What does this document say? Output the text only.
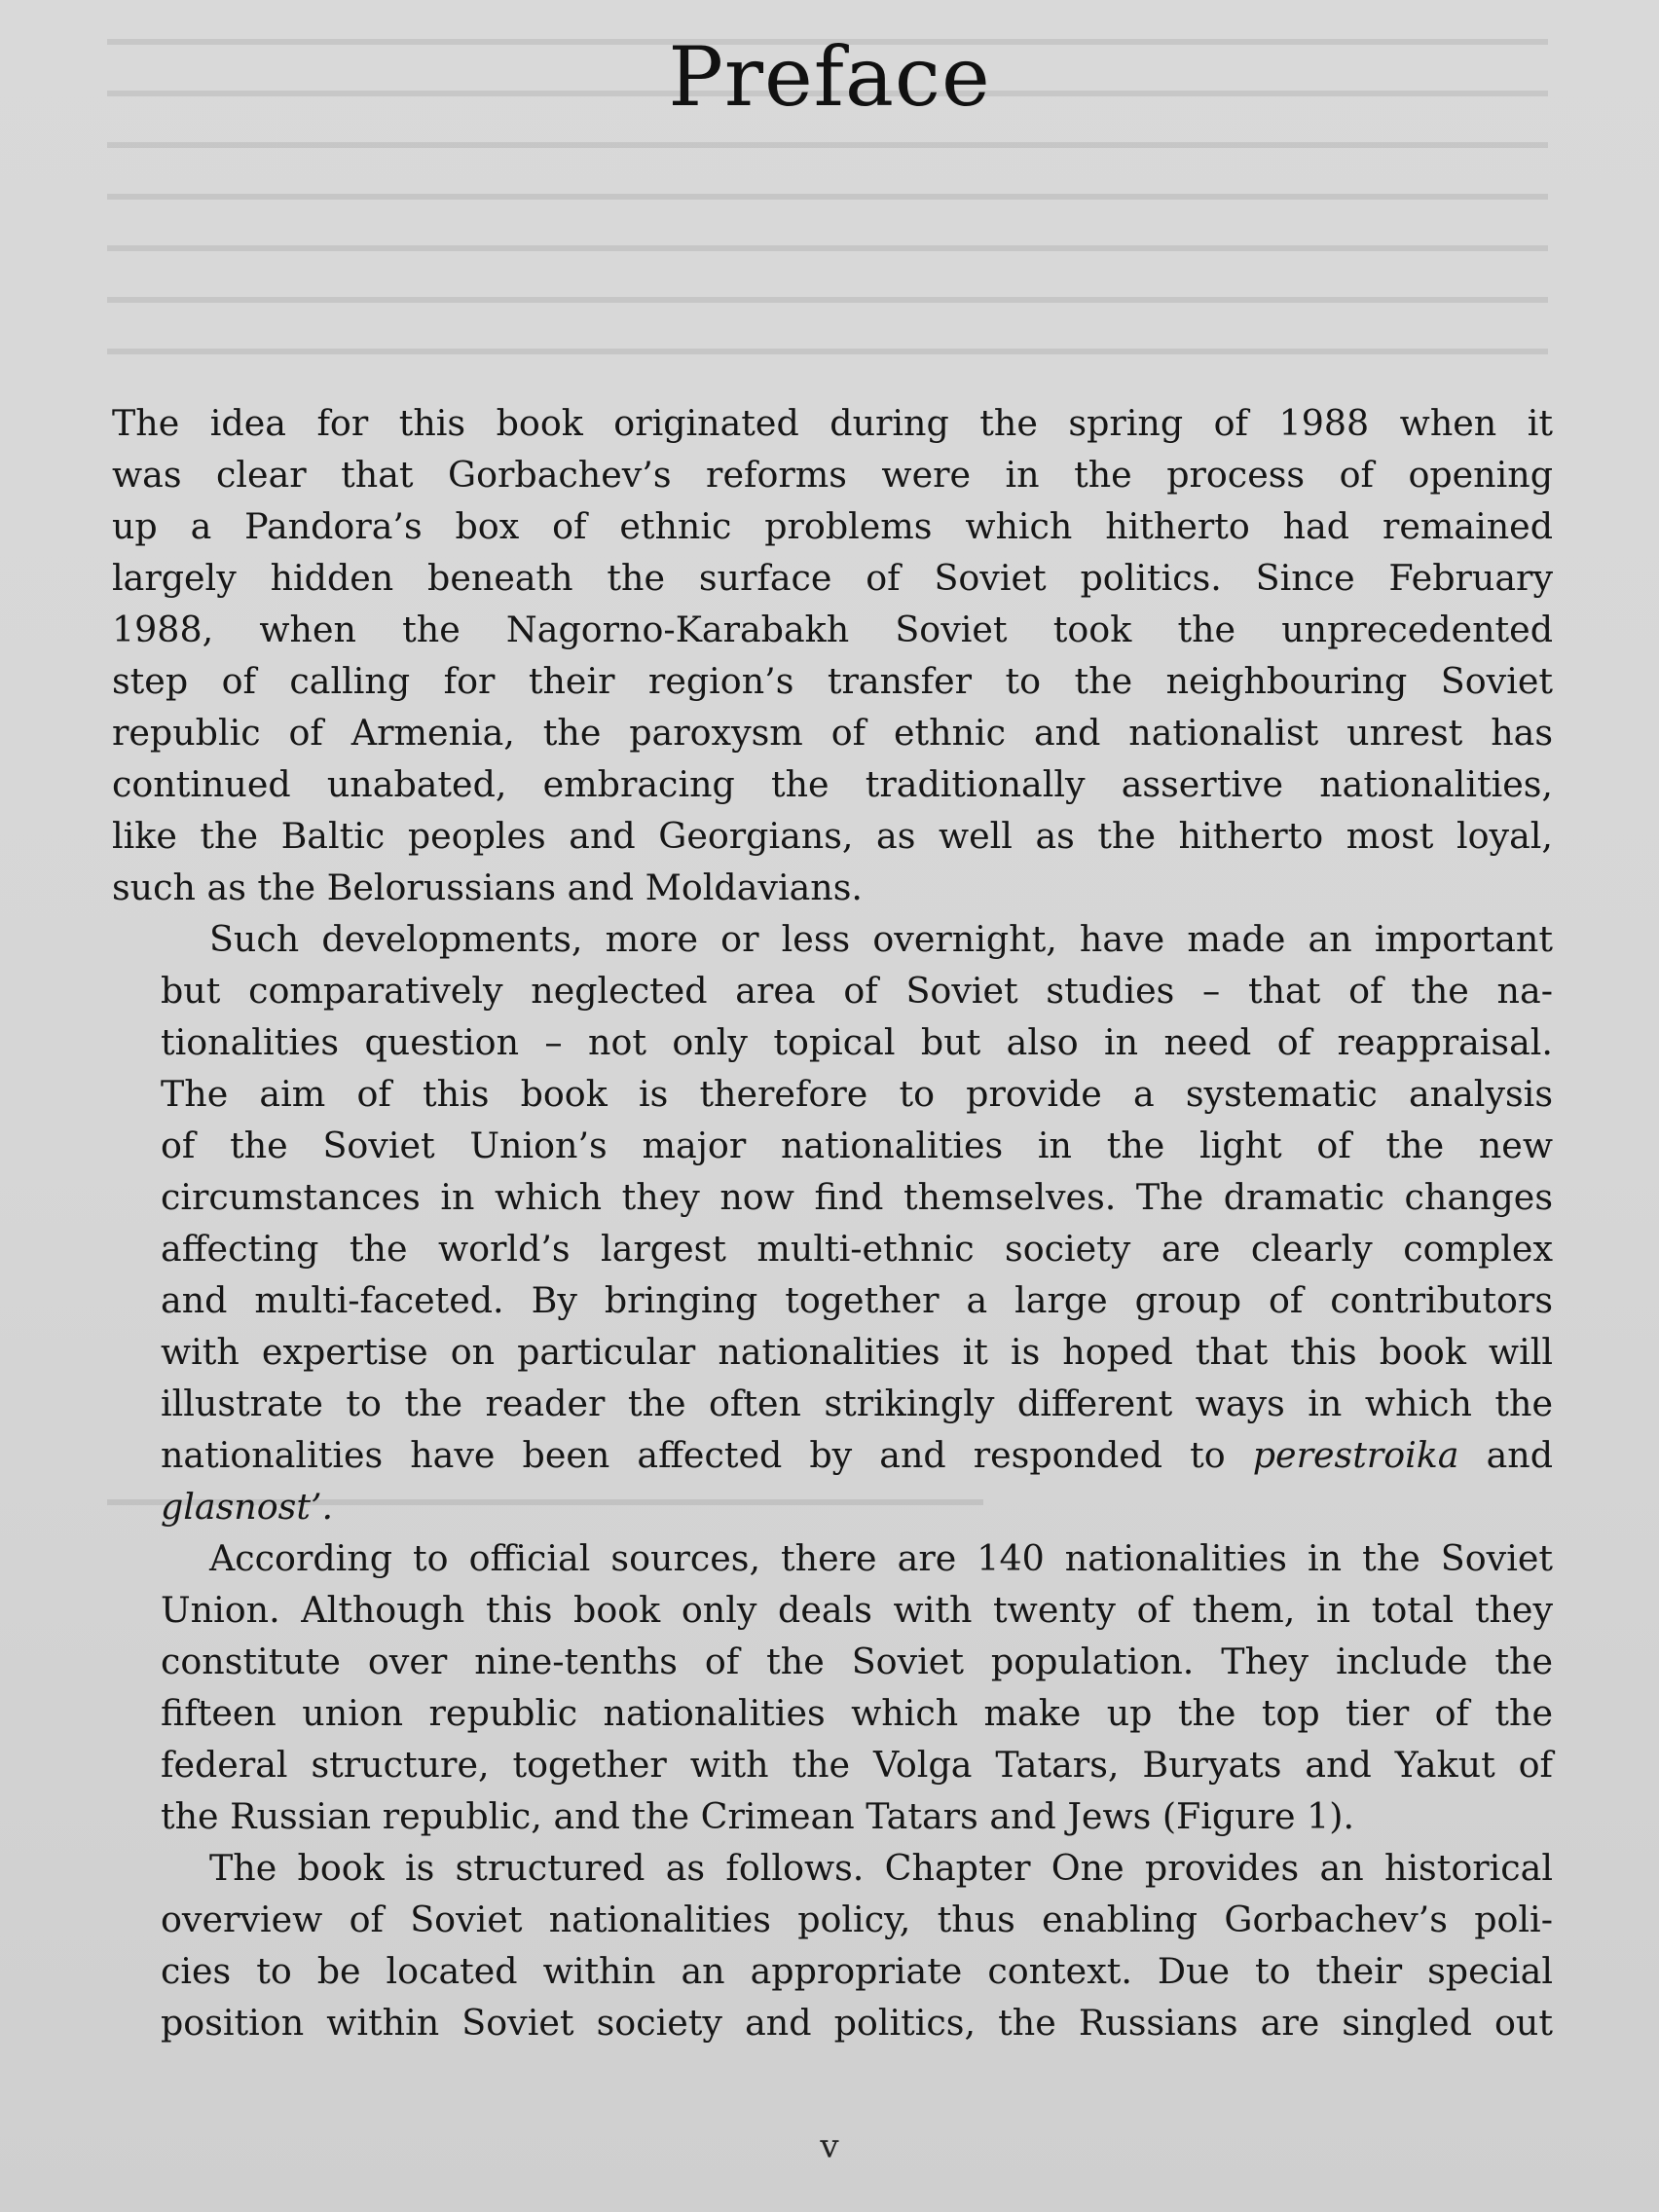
Preface

The idea for this book originated during the spring of 1988 when it
was clear that Gorbachev’s reforms were in the process of opening
up a Pandora’s box of ethnic problems which hitherto had remained
largely hidden beneath the surface of Soviet politics. Since February
1988, when the Nagorno-Karabakh Soviet took the unprecedented
step of calling for their region’s transfer to the neighbouring Soviet
republic of Armenia, the paroxysm of ethnic and nationalist unrest has
continued unabated, embracing the traditionally assertive nationalities,
like the Baltic peoples and Georgians, as well as the hitherto most loyal,
such as the Belorussians and Moldavians.

Such developments, more or less overnight, have made an important
but comparatively neglected area of Soviet studies – that of the na-
tionalities question – not only topical but also in need of reappraisal.
The aim of this book is therefore to provide a systematic analysis
of the Soviet Union’s major nationalities in the light of the new
circumstances in which they now find themselves. The dramatic changes
affecting the world’s largest multi-ethnic society are clearly complex
and multi-faceted. By bringing together a large group of contributors
with expertise on particular nationalities it is hoped that this book will
illustrate to the reader the often strikingly different ways in which the
nationalities have been affected by and responded to perestroika and
glasnost’.

According to official sources, there are 140 nationalities in the Soviet
Union. Although this book only deals with twenty of them, in total they
constitute over nine-tenths of the Soviet population. They include the
fifteen union republic nationalities which make up the top tier of the
federal structure, together with the Volga Tatars, Buryats and Yakut of
the Russian republic, and the Crimean Tatars and Jews (Figure 1).

The book is structured as follows. Chapter One provides an historical
overview of Soviet nationalities policy, thus enabling Gorbachev’s poli-
cies to be located within an appropriate context. Due to their special
position within Soviet society and politics, the Russians are singled out

v
